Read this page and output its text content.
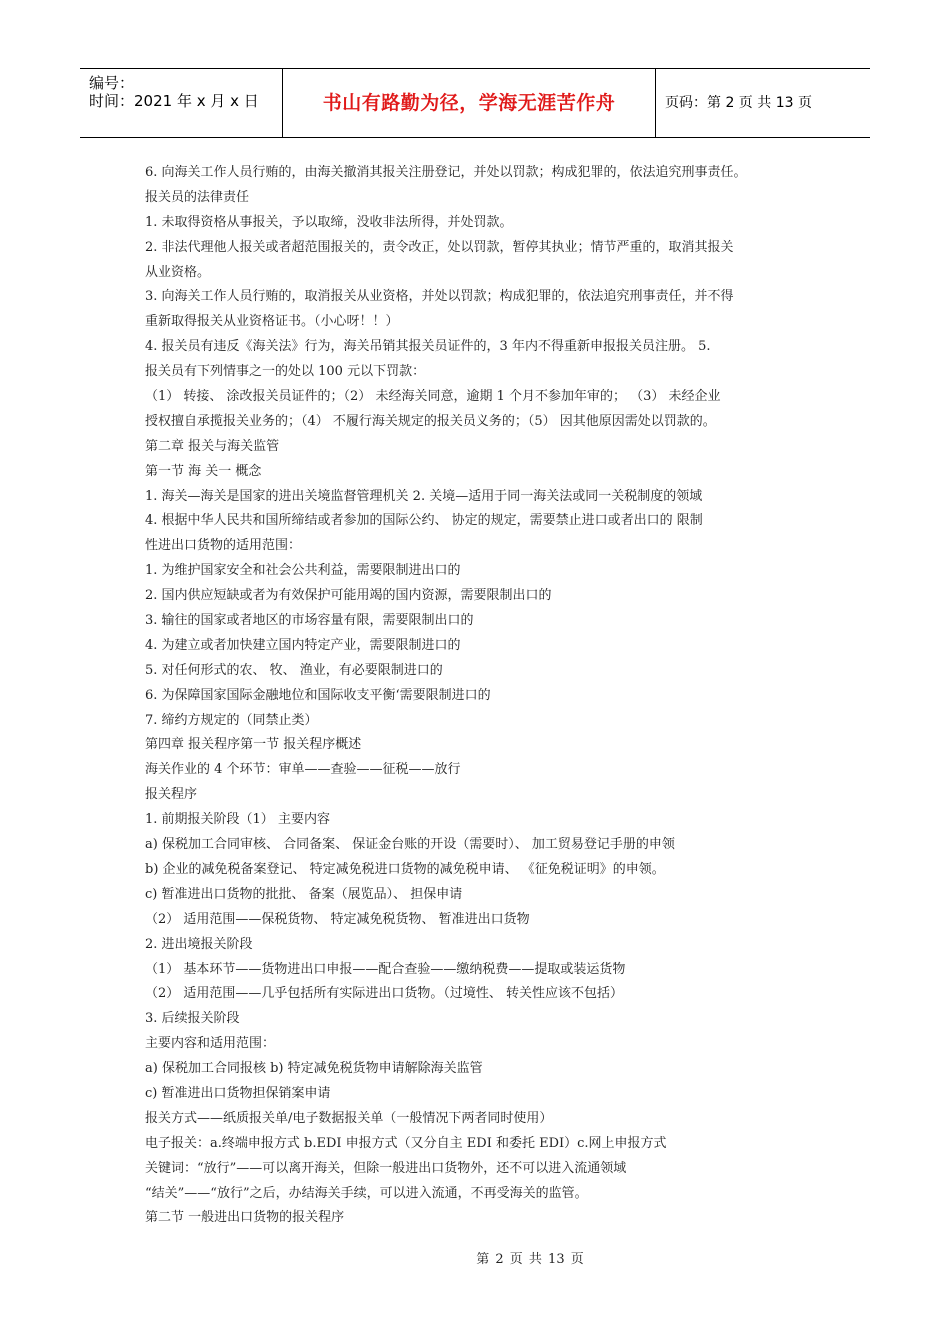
编号：
时间：2021 年 x 月 x 日	书山有路勤为径，学海无涯苦作舟	页码：第 2 页 共 13 页
6. 向海关工作人员行贿的，由海关撤消其报关注册登记，并处以罚款；构成犯罪的，依法追究刑事责任。
报关员的法律责任
1. 未取得资格从事报关，予以取缔，没收非法所得，并处罚款。
2. 非法代理他人报关或者超范围报关的，责令改正，处以罚款，暂停其执业；情节严重的，取消其报关
从业资格。
3. 向海关工作人员行贿的，取消报关从业资格，并处以罚款；构成犯罪的，依法追究刑事责任，并不得
重新取得报关从业资格证书。（小心呀！！）
4. 报关员有违反《海关法》行为，海关吊销其报关员证件的，3 年内不得重新申报报关员注册。 5.
报关员有下列情事之一的处以 100 元以下罚款：
（1） 转接、 涂改报关员证件的；（2） 未经海关同意，逾期 1 个月不参加年审的； （3） 未经企业
授权擅自承揽报关业务的；（4） 不履行海关规定的报关员义务的；（5） 因其他原因需处以罚款的。
第二章 报关与海关监管
第一节 海 关一 概念
1. 海关—海关是国家的进出关境监督管理机关 2. 关境—适用于同一海关法或同一关税制度的领域
4. 根据中华人民共和国所缔结或者参加的国际公约、 协定的规定，需要禁止进口或者出口的 限制
性进出口货物的适用范围：
1. 为维护国家安全和社会公共利益，需要限制进出口的
2. 国内供应短缺或者为有效保护可能用竭的国内资源，需要限制出口的
3. 输往的国家或者地区的市场容量有限，需要限制出口的
4. 为建立或者加快建立国内特定产业，需要限制进口的
5. 对任何形式的农、 牧、 渔业，有必要限制进口的
6. 为保障国家国际金融地位和国际收支平衡‘需要限制进口的
7. 缔约方规定的（同禁止类）
第四章 报关程序第一节 报关程序概述
海关作业的 4 个环节：审单——查验——征税——放行
报关程序
1. 前期报关阶段（1） 主要内容
a) 保税加工合同审核、 合同备案、 保证金台账的开设（需要时）、 加工贸易登记手册的申领
b) 企业的减免税备案登记、 特定减免税进口货物的减免税申请、 《征免税证明》的申领。
c) 暂准进出口货物的批批、 备案（展览品）、 担保申请
（2） 适用范围——保税货物、 特定减免税货物、 暂准进出口货物
2. 进出境报关阶段
（1） 基本环节——货物进出口申报——配合查验——缴纳税费——提取或装运货物
（2） 适用范围——几乎包括所有实际进出口货物。（过境性、 转关性应该不包括）
3. 后续报关阶段
主要内容和适用范围：
a) 保税加工合同报核 b) 特定减免税货物申请解除海关监管
c) 暂准进出口货物担保销案申请
报关方式——纸质报关单/电子数据报关单（一般情况下两者同时使用）
电子报关：a.终端申报方式 b.EDI 申报方式（又分自主 EDI 和委托 EDI）c.网上申报方式
关键词：“放行”——可以离开海关，但除一般进出口货物外，还不可以进入流通领域
“结关”——“放行”之后，办结海关手续，可以进入流通，不再受海关的监管。
第二节 一般进出口货物的报关程序
第 2 页 共 13 页
